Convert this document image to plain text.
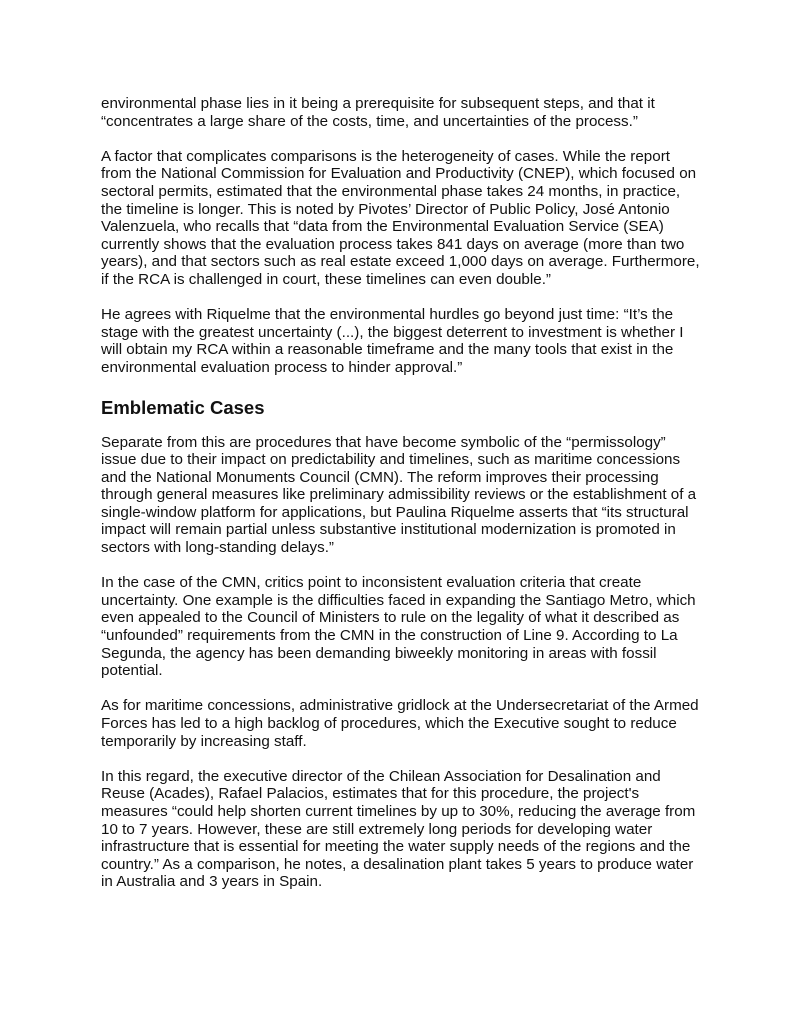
environmental phase lies in it being a prerequisite for subsequent steps, and that it “concentrates a large share of the costs, time, and uncertainties of the process.”

A factor that complicates comparisons is the heterogeneity of cases. While the report from the National Commission for Evaluation and Productivity (CNEP), which focused on sectoral permits, estimated that the environmental phase takes 24 months, in practice, the timeline is longer. This is noted by Pivotes’ Director of Public Policy, José Antonio Valenzuela, who recalls that “data from the Environmental Evaluation Service (SEA) currently shows that the evaluation process takes 841 days on average (more than two years), and that sectors such as real estate exceed 1,000 days on average. Furthermore, if the RCA is challenged in court, these timelines can even double.”

He agrees with Riquelme that the environmental hurdles go beyond just time: “It’s the stage with the greatest uncertainty (...), the biggest deterrent to investment is whether I will obtain my RCA within a reasonable timeframe and the many tools that exist in the environmental evaluation process to hinder approval.”

Emblematic Cases

Separate from this are procedures that have become symbolic of the “permissology” issue due to their impact on predictability and timelines, such as maritime concessions and the National Monuments Council (CMN). The reform improves their processing through general measures like preliminary admissibility reviews or the establishment of a single-window platform for applications, but Paulina Riquelme asserts that “its structural impact will remain partial unless substantive institutional modernization is promoted in sectors with long-standing delays.”

In the case of the CMN, critics point to inconsistent evaluation criteria that create uncertainty. One example is the difficulties faced in expanding the Santiago Metro, which even appealed to the Council of Ministers to rule on the legality of what it described as “unfounded” requirements from the CMN in the construction of Line 9. According to La Segunda, the agency has been demanding biweekly monitoring in areas with fossil potential.

As for maritime concessions, administrative gridlock at the Undersecretariat of the Armed Forces has led to a high backlog of procedures, which the Executive sought to reduce temporarily by increasing staff.

In this regard, the executive director of the Chilean Association for Desalination and Reuse (Acades), Rafael Palacios, estimates that for this procedure, the project's measures “could help shorten current timelines by up to 30%, reducing the average from 10 to 7 years. However, these are still extremely long periods for developing water infrastructure that is essential for meeting the water supply needs of the regions and the country.” As a comparison, he notes, a desalination plant takes 5 years to produce water in Australia and 3 years in Spain.
